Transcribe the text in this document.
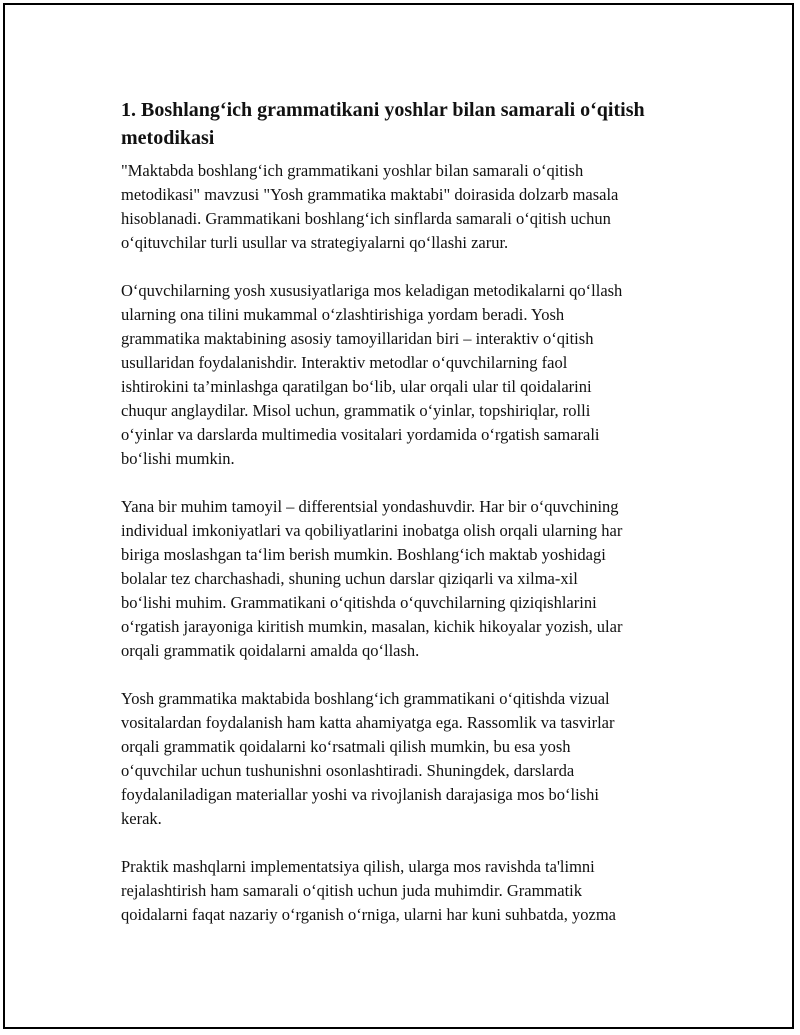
1. Boshlang‘ich grammatikani yoshlar bilan samarali o‘qitish
metodikasi
"Maktabda boshlang‘ich grammatikani yoshlar bilan samarali o‘qitish
metodikasi" mavzusi "Yosh grammatika maktabi" doirasida dolzarb masala
hisoblanadi. Grammatikani boshlang‘ich sinflarda samarali o‘qitish uchun
o‘qituvchilar turli usullar va strategiyalarni qo‘llashi zarur.
O‘quvchilarning yosh xususiyatlariga mos keladigan metodikalarni qo‘llash
ularning ona tilini mukammal o‘zlashtirishiga yordam beradi. Yosh
grammatika maktabining asosiy tamoyillaridan biri – interaktiv o‘qitish
usullaridan foydalanishdir. Interaktiv metodlar o‘quvchilarning faol
ishtirokini ta’minlashga qaratilgan bo‘lib, ular orqali ular til qoidalarini
chuqur anglaydilar. Misol uchun, grammatik o‘yinlar, topshiriqlar, rolli
o‘yinlar va darslarda multimedia vositalari yordamida o‘rgatish samarali
bo‘lishi mumkin.
Yana bir muhim tamoyil – differentsial yondashuvdir. Har bir o‘quvchining
individual imkoniyatlari va qobiliyatlarini inobatga olish orqali ularning har
biriga moslashgan ta‘lim berish mumkin. Boshlang‘ich maktab yoshidagi
bolalar tez charchashadi, shuning uchun darslar qiziqarli va xilma-xil
bo‘lishi muhim. Grammatikani o‘qitishda o‘quvchilarning qiziqishlarini
o‘rgatish jarayoniga kiritish mumkin, masalan, kichik hikoyalar yozish, ular
orqali grammatik qoidalarni amalda qo‘llash.
Yosh grammatika maktabida boshlang‘ich grammatikani o‘qitishda vizual
vositalardan foydalanish ham katta ahamiyatga ega. Rassomlik va tasvirlar
orqali grammatik qoidalarni ko‘rsatmali qilish mumkin, bu esa yosh
o‘quvchilar uchun tushunishni osonlashtiradi. Shuningdek, darslarda
foydalaniladigan materiallar yoshi va rivojlanish darajasiga mos bo‘lishi
kerak.
Praktik mashqlarni implementatsiya qilish, ularga mos ravishda ta'limni
rejalashtirish ham samarali o‘qitish uchun juda muhimdir. Grammatik
qoidalarni faqat nazariy o‘rganish o‘rniga, ularni har kuni suhbatda, yozma
